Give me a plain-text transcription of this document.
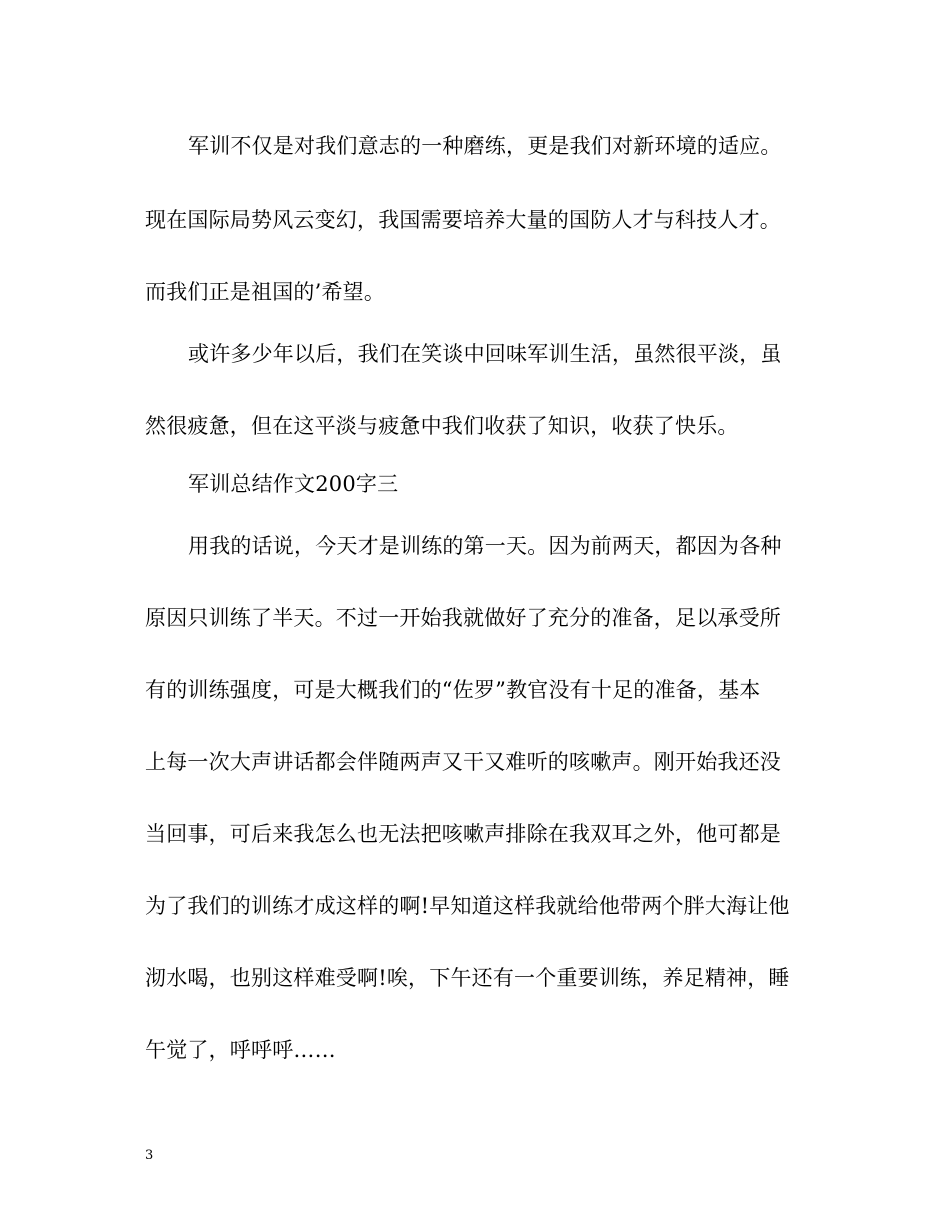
军训不仅是对我们意志的一种磨练，更是我们对新环境的适应。
现在国际局势风云变幻，我国需要培养大量的国防人才与科技人才。
而我们正是祖国的’希望。
或许多少年以后，我们在笑谈中回味军训生活，虽然很平淡，虽
然很疲惫，但在这平淡与疲惫中我们收获了知识，收获了快乐。
军训总结作文200字三
用我的话说，今天才是训练的第一天。因为前两天，都因为各种
原因只训练了半天。不过一开始我就做好了充分的准备，足以承受所
有的训练强度，可是大概我们的“佐罗”教官没有十足的准备，基本
上每一次大声讲话都会伴随两声又干又难听的咳嗽声。刚开始我还没
当回事，可后来我怎么也无法把咳嗽声排除在我双耳之外，他可都是
为了我们的训练才成这样的啊!早知道这样我就给他带两个胖大海让他
沏水喝，也别这样难受啊!唉，下午还有一个重要训练，养足精神，睡
午觉了，呼呼呼……
3
